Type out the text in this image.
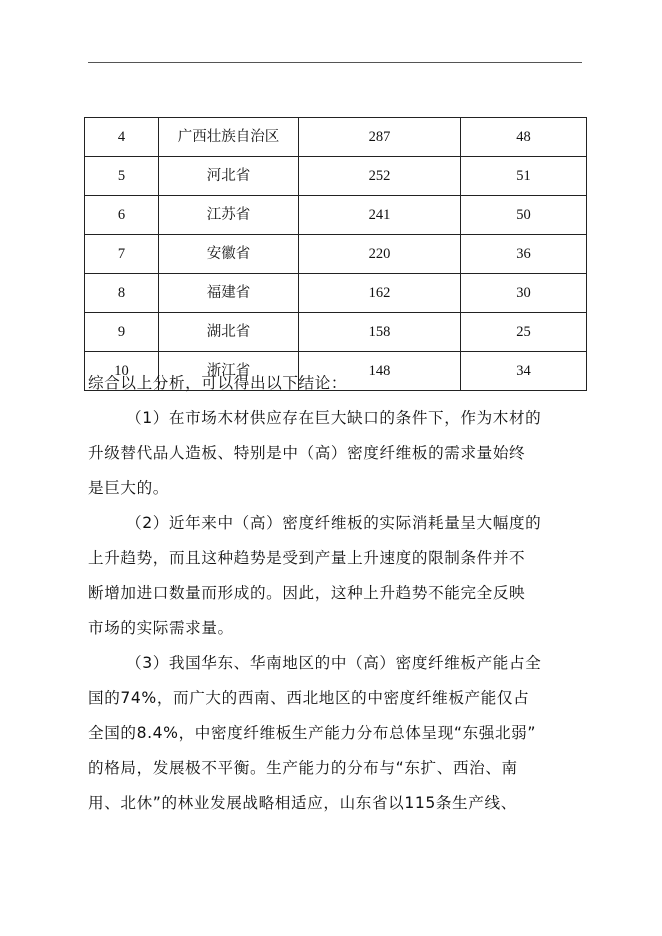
4	广西壮族自治区	287	48
5	河北省	252	51
6	江苏省	241	50
7	安徽省	220	36
8	福建省	162	30
9	湖北省	158	25
10	浙江省	148	34

综合以上分析，可以得出以下结论：

（1）在市场木材供应存在巨大缺口的条件下，作为木材的
升级替代品人造板、特别是中（高）密度纤维板的需求量始终
是巨大的。

（2）近年来中（高）密度纤维板的实际消耗量呈大幅度的
上升趋势，而且这种趋势是受到产量上升速度的限制条件并不
断增加进口数量而形成的。因此，这种上升趋势不能完全反映
市场的实际需求量。

（3）我国华东、华南地区的中（高）密度纤维板产能占全
国的74%，而广大的西南、西北地区的中密度纤维板产能仅占
全国的8.4%，中密度纤维板生产能力分布总体呈现“东强北弱”
的格局，发展极不平衡。生产能力的分布与“东扩、西治、南
用、北休”的林业发展战略相适应，山东省以115条生产线、
